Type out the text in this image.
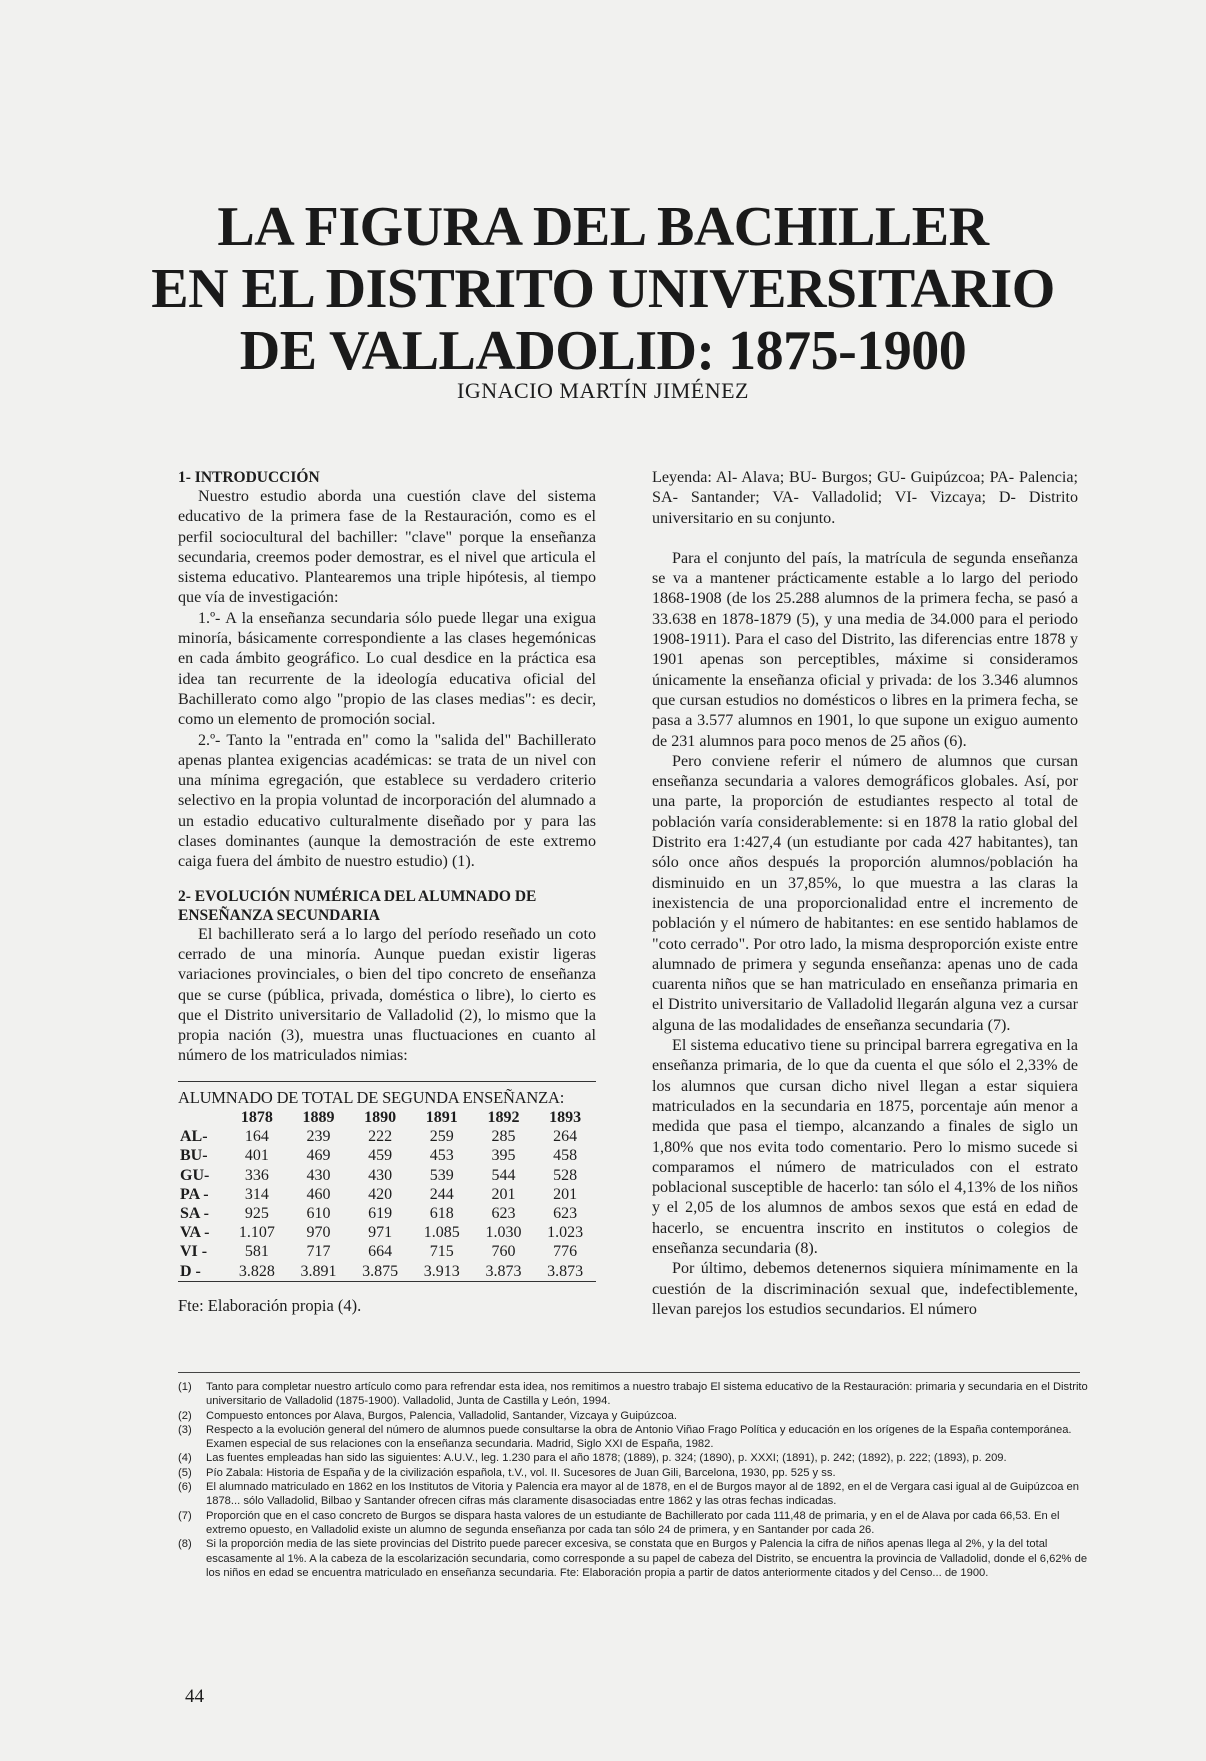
LA FIGURA DEL BACHILLER
EN EL DISTRITO UNIVERSITARIO
DE VALLADOLID: 1875-1900
IGNACIO MARTÍN JIMÉNEZ
1- INTRODUCCIÓN

Nuestro estudio aborda una cuestión clave del sistema educativo de la primera fase de la Restauración, como es el perfil sociocultural del bachiller: "clave" porque la enseñanza secundaria, creemos poder demostrar, es el nivel que articula el sistema educativo. Plantearemos una triple hipótesis, al tiempo que vía de investigación:

1.º- A la enseñanza secundaria sólo puede llegar una exigua minoría, básicamente correspondiente a las clases hegemónicas en cada ámbito geográfico. Lo cual desdice en la práctica esa idea tan recurrente de la ideología educativa oficial del Bachillerato como algo "propio de las clases medias": es decir, como un elemento de promoción social.

2.º- Tanto la "entrada en" como la "salida del" Bachillerato apenas plantea exigencias académicas: se trata de un nivel con una mínima egregación, que establece su verdadero criterio selectivo en la propia voluntad de incorporación del alumnado a un estadio educativo culturalmente diseñado por y para las clases dominantes (aunque la demostración de este extremo caiga fuera del ámbito de nuestro estudio) (1).

2- EVOLUCIÓN NUMÉRICA DEL ALUMNADO DE ENSEÑANZA SECUNDARIA

El bachillerato será a lo largo del período reseñado un coto cerrado de una minoría. Aunque puedan existir ligeras variaciones provinciales, o bien del tipo concreto de enseñanza que se curse (pública, privada, doméstica o libre), lo cierto es que el Distrito universitario de Valladolid (2), lo mismo que la propia nación (3), muestra unas fluctuaciones en cuanto al número de los matriculados nimias:

ALUMNADO DE TOTAL DE SEGUNDA ENSEÑANZA:
	1878	1889	1890	1891	1892	1893
AL-	164	239	222	259	285	264
BU-	401	469	459	453	395	458
GU-	336	430	430	539	544	528
PA -	314	460	420	244	201	201
SA -	925	610	619	618	623	623
VA -	1.107	970	971	1.085	1.030	1.023
VI -	581	717	664	715	760	776
D -	3.828	3.891	3.875	3.913	3.873	3.873
Fte: Elaboración propia (4).

Leyenda: Al- Alava; BU- Burgos; GU- Guipúzcoa; PA- Palencia; SA- Santander; VA- Valladolid; VI- Vizcaya; D- Distrito universitario en su conjunto.

Para el conjunto del país, la matrícula de segunda enseñanza se va a mantener prácticamente estable a lo largo del periodo 1868-1908 (de los 25.288 alumnos de la primera fecha, se pasó a 33.638 en 1878-1879 (5), y una media de 34.000 para el periodo 1908-1911). Para el caso del Distrito, las diferencias entre 1878 y 1901 apenas son perceptibles, máxime si consideramos únicamente la enseñanza oficial y privada: de los 3.346 alumnos que cursan estudios no domésticos o libres en la primera fecha, se pasa a 3.577 alumnos en 1901, lo que supone un exiguo aumento de 231 alumnos para poco menos de 25 años (6).

Pero conviene referir el número de alumnos que cursan enseñanza secundaria a valores demográficos globales. Así, por una parte, la proporción de estudiantes respecto al total de población varía considerablemente: si en 1878 la ratio global del Distrito era 1:427,4 (un estudiante por cada 427 habitantes), tan sólo once años después la proporción alumnos/población ha disminuido en un 37,85%, lo que muestra a las claras la inexistencia de una proporcionalidad entre el incremento de población y el número de habitantes: en ese sentido hablamos de "coto cerrado". Por otro lado, la misma desproporción existe entre alumnado de primera y segunda enseñanza: apenas uno de cada cuarenta niños que se han matriculado en enseñanza primaria en el Distrito universitario de Valladolid llegarán alguna vez a cursar alguna de las modalidades de enseñanza secundaria (7).

El sistema educativo tiene su principal barrera egregativa en la enseñanza primaria, de lo que da cuenta el que sólo el 2,33% de los alumnos que cursan dicho nivel llegan a estar siquiera matriculados en la secundaria en 1875, porcentaje aún menor a medida que pasa el tiempo, alcanzando a finales de siglo un 1,80% que nos evita todo comentario. Pero lo mismo sucede si comparamos el número de matriculados con el estrato poblacional susceptible de hacerlo: tan sólo el 4,13% de los niños y el 2,05 de los alumnos de ambos sexos que está en edad de hacerlo, se encuentra inscrito en institutos o colegios de enseñanza secundaria (8).

Por último, debemos detenernos siquiera mínimamente en la cuestión de la discriminación sexual que, indefectiblemente, llevan parejos los estudios secundarios. El número

(1)	Tanto para completar nuestro artículo como para refrendar esta idea, nos remitimos a nuestro trabajo El sistema educativo de la Restauración: primaria y secundaria en el Distrito universitario de Valladolid (1875-1900). Valladolid, Junta de Castilla y León, 1994.
(2)	Compuesto entonces por Alava, Burgos, Palencia, Valladolid, Santander, Vizcaya y Guipúzcoa.
(3)	Respecto a la evolución general del número de alumnos puede consultarse la obra de Antonio Viñao Frago Política y educación en los orígenes de la España contemporánea. Examen especial de sus relaciones con la enseñanza secundaria. Madrid, Siglo XXI de España, 1982.
(4)	Las fuentes empleadas han sido las siguientes: A.U.V., leg. 1.230 para el año 1878; (1889), p. 324; (1890), p. XXXI; (1891), p. 242; (1892), p. 222; (1893), p. 209.
(5)	Pío Zabala: Historia de España y de la civilización española, t.V., vol. II. Sucesores de Juan Gili, Barcelona, 1930, pp. 525 y ss.
(6)	El alumnado matriculado en 1862 en los Institutos de Vitoria y Palencia era mayor al de 1878, en el de Burgos mayor al de 1892, en el de Vergara casi igual al de Guipúzcoa en 1878... sólo Valladolid, Bilbao y Santander ofrecen cifras más claramente disasociadas entre 1862 y las otras fechas indicadas.
(7)	Proporción que en el caso concreto de Burgos se dispara hasta valores de un estudiante de Bachillerato por cada 111,48 de primaria, y en el de Alava por cada 66,53. En el extremo opuesto, en Valladolid existe un alumno de segunda enseñanza por cada tan sólo 24 de primera, y en Santander por cada 26.
(8)	Si la proporción media de las siete provincias del Distrito puede parecer excesiva, se constata que en Burgos y Palencia la cifra de niños apenas llega al 2%, y la del total escasamente al 1%. A la cabeza de la escolarización secundaria, como corresponde a su papel de cabeza del Distrito, se encuentra la provincia de Valladolid, donde el 6,62% de los niños en edad se encuentra matriculado en enseñanza secundaria. Fte: Elaboración propia a partir de datos anteriormente citados y del Censo... de 1900.
44
